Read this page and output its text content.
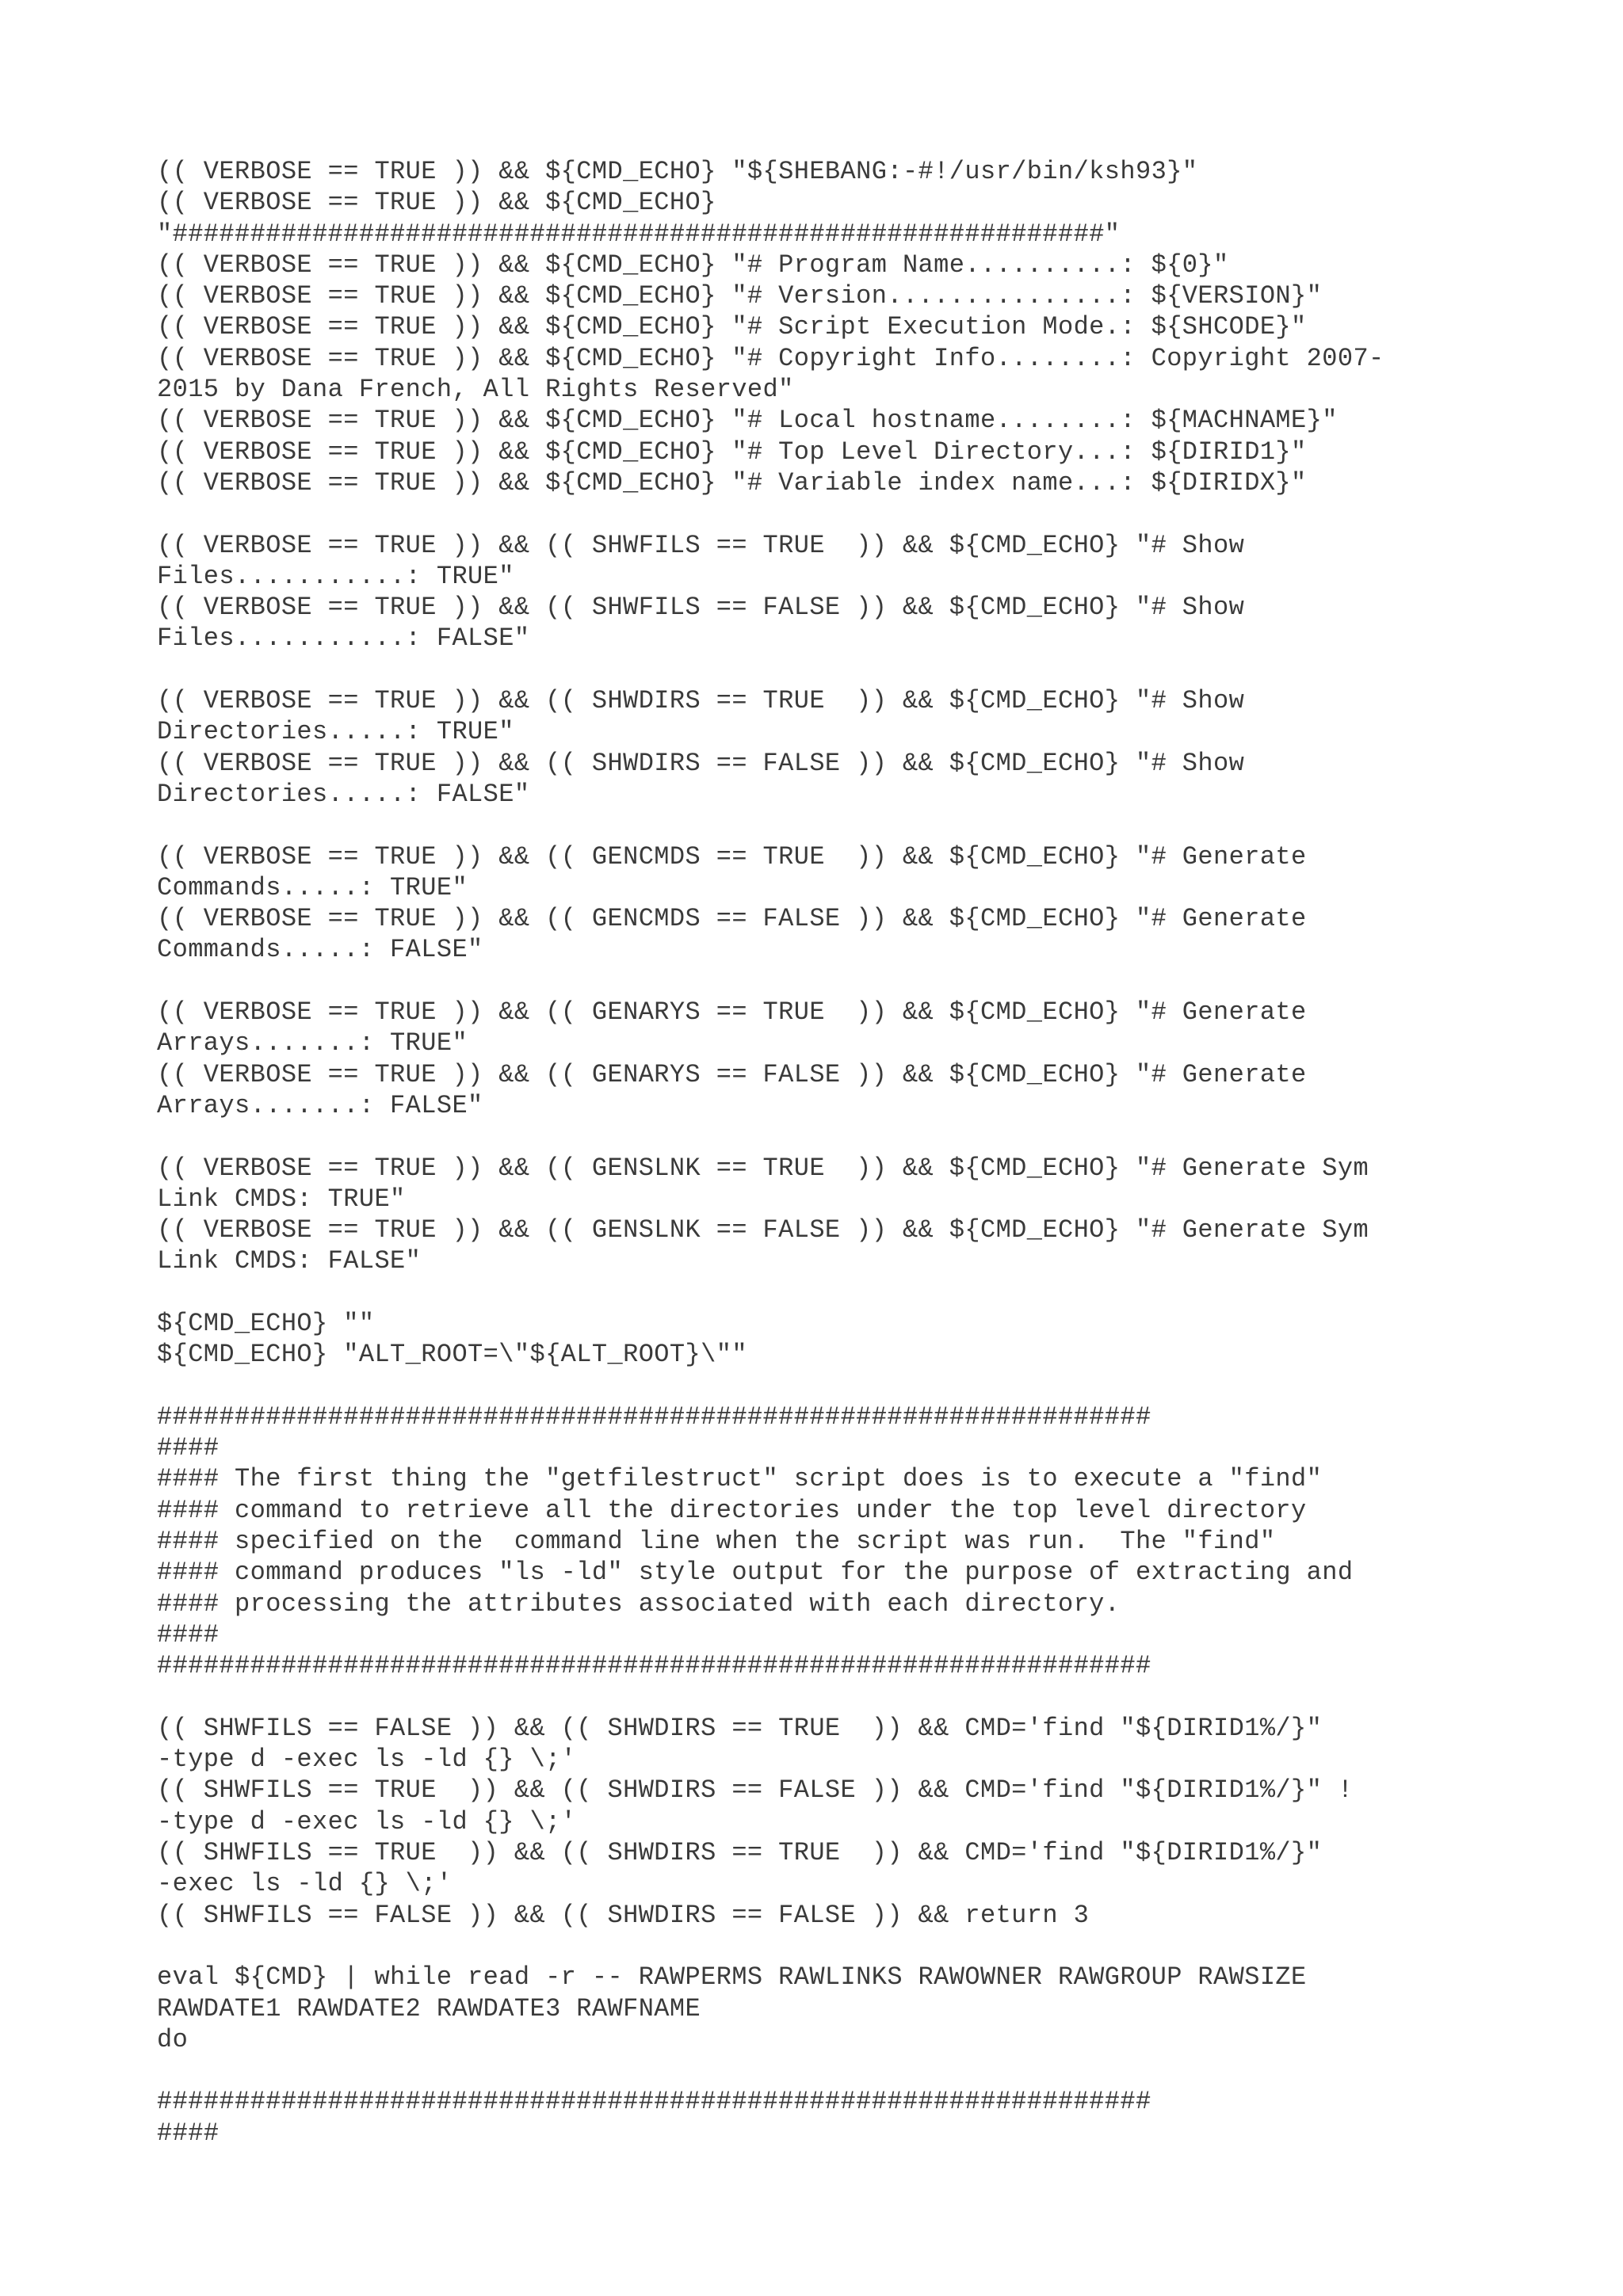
(( VERBOSE == TRUE )) && ${CMD_ECHO} "${SHEBANG:-#!/usr/bin/ksh93}"
(( VERBOSE == TRUE )) && ${CMD_ECHO}
"############################################################"
(( VERBOSE == TRUE )) && ${CMD_ECHO} "# Program Name..........: ${0}"
(( VERBOSE == TRUE )) && ${CMD_ECHO} "# Version...............: ${VERSION}"
(( VERBOSE == TRUE )) && ${CMD_ECHO} "# Script Execution Mode.: ${SHCODE}"
(( VERBOSE == TRUE )) && ${CMD_ECHO} "# Copyright Info........: Copyright 2007-
2015 by Dana French, All Rights Reserved"
(( VERBOSE == TRUE )) && ${CMD_ECHO} "# Local hostname........: ${MACHNAME}"
(( VERBOSE == TRUE )) && ${CMD_ECHO} "# Top Level Directory...: ${DIRID1}"
(( VERBOSE == TRUE )) && ${CMD_ECHO} "# Variable index name...: ${DIRIDX}"
(( VERBOSE == TRUE )) && (( SHWFILS == TRUE  )) && ${CMD_ECHO} "# Show
Files...........: TRUE"
(( VERBOSE == TRUE )) && (( SHWFILS == FALSE )) && ${CMD_ECHO} "# Show
Files...........: FALSE"
(( VERBOSE == TRUE )) && (( SHWDIRS == TRUE  )) && ${CMD_ECHO} "# Show
Directories.....: TRUE"
(( VERBOSE == TRUE )) && (( SHWDIRS == FALSE )) && ${CMD_ECHO} "# Show
Directories.....: FALSE"
(( VERBOSE == TRUE )) && (( GENCMDS == TRUE  )) && ${CMD_ECHO} "# Generate
Commands.....: TRUE"
(( VERBOSE == TRUE )) && (( GENCMDS == FALSE )) && ${CMD_ECHO} "# Generate
Commands.....: FALSE"
(( VERBOSE == TRUE )) && (( GENARYS == TRUE  )) && ${CMD_ECHO} "# Generate
Arrays.......: TRUE"
(( VERBOSE == TRUE )) && (( GENARYS == FALSE )) && ${CMD_ECHO} "# Generate
Arrays.......: FALSE"
(( VERBOSE == TRUE )) && (( GENSLNK == TRUE  )) && ${CMD_ECHO} "# Generate Sym
Link CMDS: TRUE"
(( VERBOSE == TRUE )) && (( GENSLNK == FALSE )) && ${CMD_ECHO} "# Generate Sym
Link CMDS: FALSE"
${CMD_ECHO} ""
${CMD_ECHO} "ALT_ROOT=\"${ALT_ROOT}\""
################################################################
####
#### The first thing the "getfilestruct" script does is to execute a "find"
#### command to retrieve all the directories under the top level directory
#### specified on the  command line when the script was run.  The "find"
#### command produces "ls -ld" style output for the purpose of extracting and
#### processing the attributes associated with each directory.
####
################################################################
(( SHWFILS == FALSE )) && (( SHWDIRS == TRUE  )) && CMD='find "${DIRID1%/}"
-type d -exec ls -ld {} \;'
(( SHWFILS == TRUE  )) && (( SHWDIRS == FALSE )) && CMD='find "${DIRID1%/}" !
-type d -exec ls -ld {} \;'
(( SHWFILS == TRUE  )) && (( SHWDIRS == TRUE  )) && CMD='find "${DIRID1%/}"
-exec ls -ld {} \;'
(( SHWFILS == FALSE )) && (( SHWDIRS == FALSE )) && return 3
eval ${CMD} | while read -r -- RAWPERMS RAWLINKS RAWOWNER RAWGROUP RAWSIZE
RAWDATE1 RAWDATE2 RAWDATE3 RAWFNAME
do
################################################################
####
